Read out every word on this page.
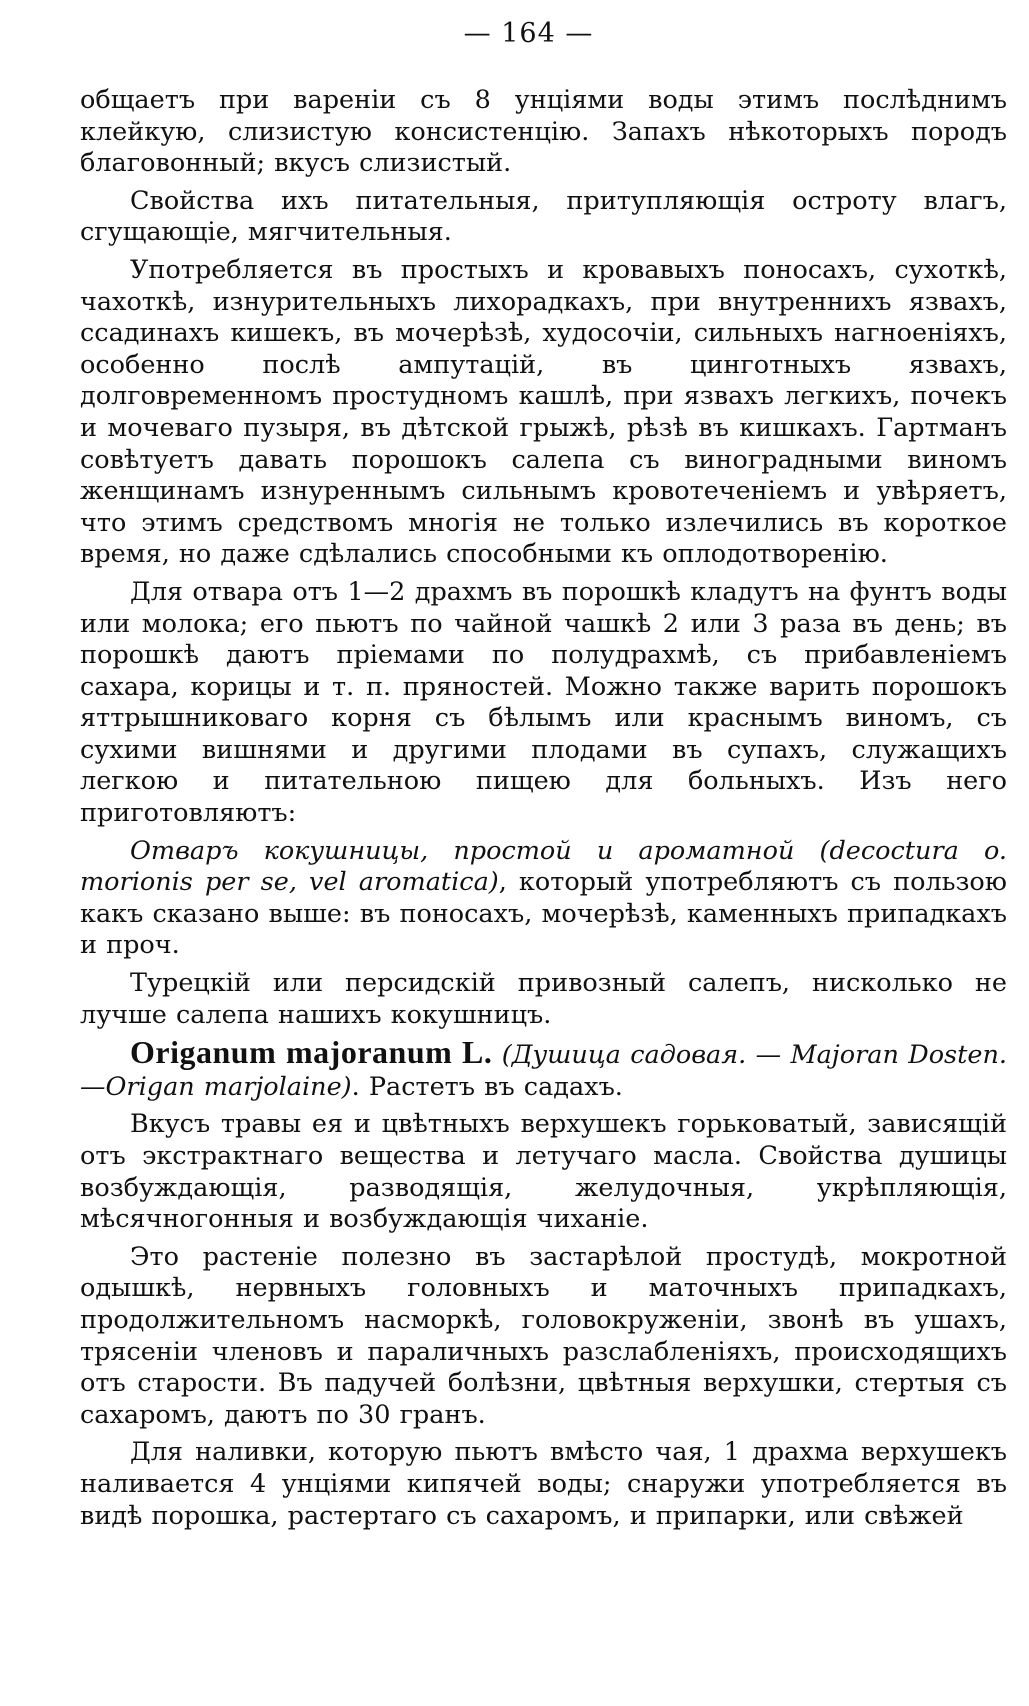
— 164 —

общаетъ при вареніи съ 8 унціями воды этимъ послѣднимъ клейкую, слизистую консистенцію. Запахъ нѣкоторыхъ породъ благовонный; вкусъ слизистый.

Свойства ихъ питательныя, притупляющія остроту влагъ, сгущающіе, мягчительныя.

Употребляется въ простыхъ и кровавыхъ поносахъ, сухоткѣ, чахоткѣ, изнурительныхъ лихорадкахъ, при внутреннихъ язвахъ, ссадинахъ кишекъ, въ мочерѣзѣ, худосочіи, сильныхъ нагноеніяхъ, особенно послѣ ампутацій, въ цинготныхъ язвахъ, долговременномъ простудномъ кашлѣ, при язвахъ легкихъ, почекъ и мочеваго пузыря, въ дѣтской грыжѣ, рѣзѣ въ кишкахъ. Гартманъ совѣтуетъ давать порошокъ салепа съ виноградными виномъ женщинамъ изнуреннымъ сильнымъ кровотеченіемъ и увѣряетъ, что этимъ средствомъ многія не только излечились въ короткое время, но даже сдѣлались способными къ оплодотворенію.

Для отвара отъ 1—2 драхмъ въ порошкѣ кладутъ на фунтъ воды или молока; его пьютъ по чайной чашкѣ 2 или 3 раза въ день; въ порошкѣ даютъ пріемами по полудрахмѣ, съ прибавленіемъ сахара, корицы и т. п. пряностей. Можно также варить порошокъ яттрышниковаго корня съ бѣлымъ или краснымъ виномъ, съ сухими вишнями и другими плодами въ супахъ, служащихъ легкою и питательною пищею для больныхъ. Изъ него приготовляютъ:

Отваръ кокушницы, простой и ароматной (decoctura o. morionis per se, vel aromatica), который употребляютъ съ пользою какъ сказано выше: въ поносахъ, мочерѣзѣ, каменныхъ припадкахъ и проч.

Турецкій или персидскій привозный салепъ, нисколько не лучше салепа нашихъ кокушницъ.

Origanum majoranum L. (Душица садовая. — Majoran Dosten.—Origan marjolaine). Растетъ въ садахъ.

Вкусъ травы ея и цвѣтныхъ верхушекъ горьковатый, зависящій отъ экстрактнаго вещества и летучаго масла. Свойства душицы возбуждающія, разводящія, желудочныя, укрѣпляющія, мѣсячногонныя и возбуждающія чиханіе.

Это растеніе полезно въ застарѣлой простудѣ, мокротной одышкѣ, нервныхъ головныхъ и маточныхъ припадкахъ, продолжительномъ насморкѣ, головокруженіи, звонѣ въ ушахъ, трясеніи членовъ и параличныхъ разслабленіяхъ, происходящихъ отъ старости. Въ падучей болѣзни, цвѣтныя верхушки, стертыя съ сахаромъ, даютъ по 30 гранъ.

Для наливки, которую пьютъ вмѣсто чая, 1 драхма верхушекъ наливается 4 унціями кипячей воды; снаружи употребляется въ видѣ порошка, растертаго съ сахаромъ, и припарки, или свѣжей
